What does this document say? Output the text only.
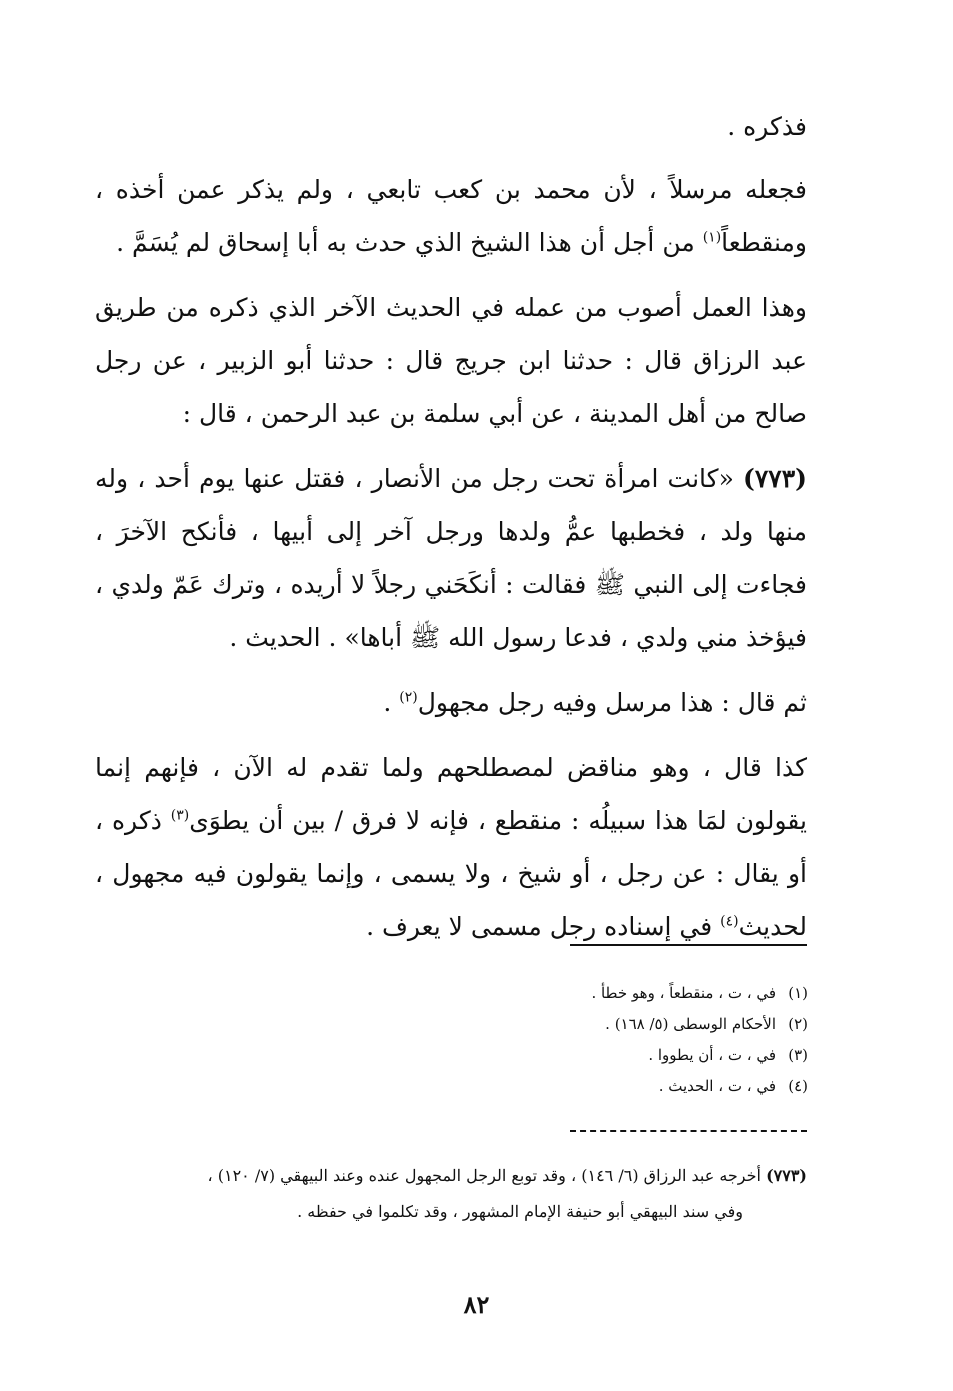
فذكره .

فجعله مرسلاً ، لأن محمد بن كعب تابعي ، ولم يذكر عمن أخذه ، ومنقطعاً$^{(١)}$ من أجل أن هذا الشيخ الذي حدث به أبا إسحاق لم يُسَمَّ .

وهذا العمل أصوب من عمله في الحديث الآخر الذي ذكره من طريق عبد الرزاق قال : حدثنا ابن جريج قال : حدثنا أبو الزبير ، عن رجل صالح من أهل المدينة ، عن أبي سلمة بن عبد الرحمن ، قال :

(٧٧٣) «كانت امرأة تحت رجل من الأنصار ، فقتل عنها يوم أحد ، وله منها ولد ، فخطبها عمُّ ولدها ورجل آخر إلى أبيها ، فأنكح الآخرَ ، فجاءت إلى النبي ﷺ فقالت : أنكَحَني رجلاً لا أريده ، وترك عَمّ ولدي ، فيؤخذ مني ولدي ، فدعا رسول الله ﷺ أباها» . الحديث .

ثم قال : هذا مرسل وفيه رجل مجهول$^{(٢)}$ .

كذا قال ، وهو مناقض لمصطلحهم ولما تقدم له الآن ، فإنهم إنما يقولون لمَا هذا سبيلُه : منقطع ، فإنه لا فرق / بين أن يطوَى$^{(٣)}$ ذكره ، أو يقال : عن رجل ، أو شيخ ، ولا يسمى ، وإنما يقولون فيه مجهول ، لحديث$^{(٤)}$ في إسناده رجل مسمى لا يعرف .

(١)في ، ت ، منقطعاً ، وهو خطأ .
(٢)الأحكام الوسطى (٥/ ١٦٨) .
(٣)في ، ت ، أن يطووا .
(٤)في ، ت ، الحديث .
(٧٧٣) أخرجه عبد الرزاق (٦/ ١٤٦) ، وقد توبع الرجل المجهول عنده وعند البيهقي (٧/ ١٢٠) ،
وفي سند البيهقي أبو حنيفة الإمام المشهور ، وقد تكلموا في حفظه .
٨٢
